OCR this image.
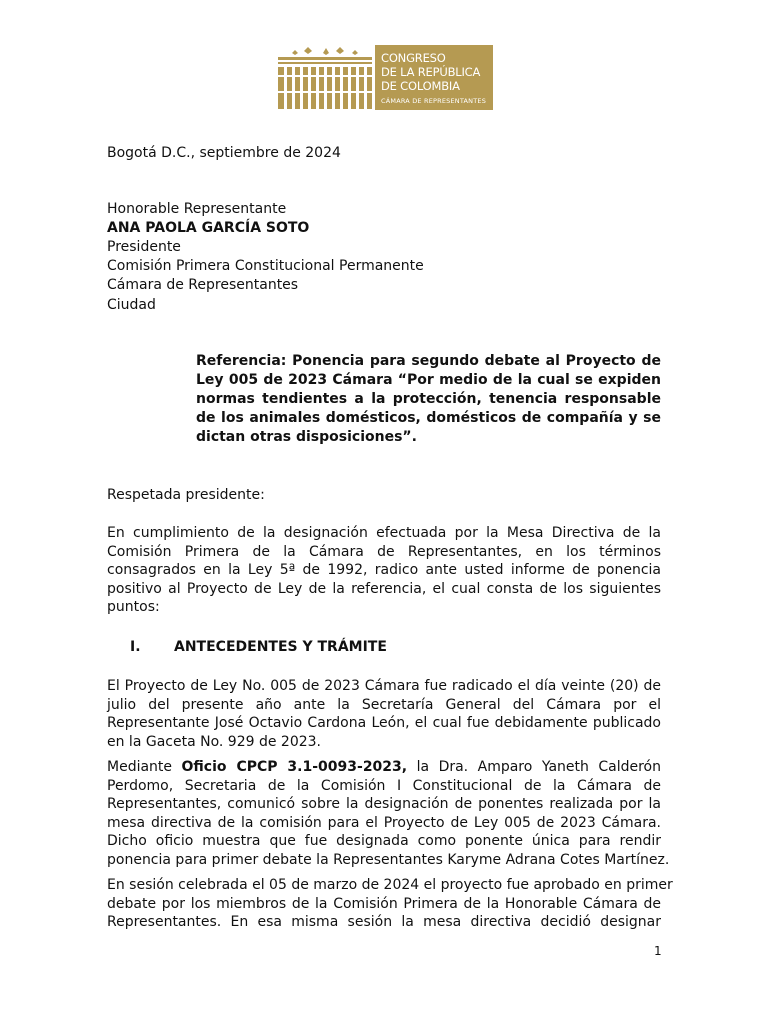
CONGRESO
DE LA REPÚBLICA
DE COLOMBIA
CÁMARA DE REPRESENTANTES
Bogotá D.C., septiembre de 2024
Honorable Representante
ANA PAOLA GARCÍA SOTO
Presidente
Comisión Primera Constitucional Permanente
Cámara de Representantes
Ciudad
Referencia: Ponencia para segundo debate al Proyecto de
Ley 005 de 2023 Cámara “Por medio de la cual se expiden
normas tendientes a la protección, tenencia responsable
de los animales domésticos, domésticos de compañía y se
dictan otras disposiciones”.
Respetada presidente:
En cumplimiento de la designación efectuada por la Mesa Directiva de la
Comisión Primera de la Cámara de Representantes, en los términos
consagrados en la Ley 5ª de 1992, radico ante usted informe de ponencia
positivo al Proyecto de Ley de la referencia, el cual consta de los siguientes
puntos:
I. ANTECEDENTES Y TRÁMITE
El Proyecto de Ley No. 005 de 2023 Cámara fue radicado el día veinte (20) de
julio del presente año ante la Secretaría General del Cámara por el
Representante José Octavio Cardona León, el cual fue debidamente publicado
en la Gaceta No. 929 de 2023.
Mediante Oficio CPCP 3.1-0093-2023, la Dra. Amparo Yaneth Calderón
Perdomo, Secretaria de la Comisión I Constitucional de la Cámara de
Representantes, comunicó sobre la designación de ponentes realizada por la
mesa directiva de la comisión para el Proyecto de Ley 005 de 2023 Cámara.
Dicho oficio muestra que fue designada como ponente única para rendir
ponencia para primer debate la Representantes Karyme Adrana Cotes Martínez.
En sesión celebrada el 05 de marzo de 2024 el proyecto fue aprobado en primer
debate por los miembros de la Comisión Primera de la Honorable Cámara de
Representantes. En esa misma sesión la mesa directiva decidió designar
1
